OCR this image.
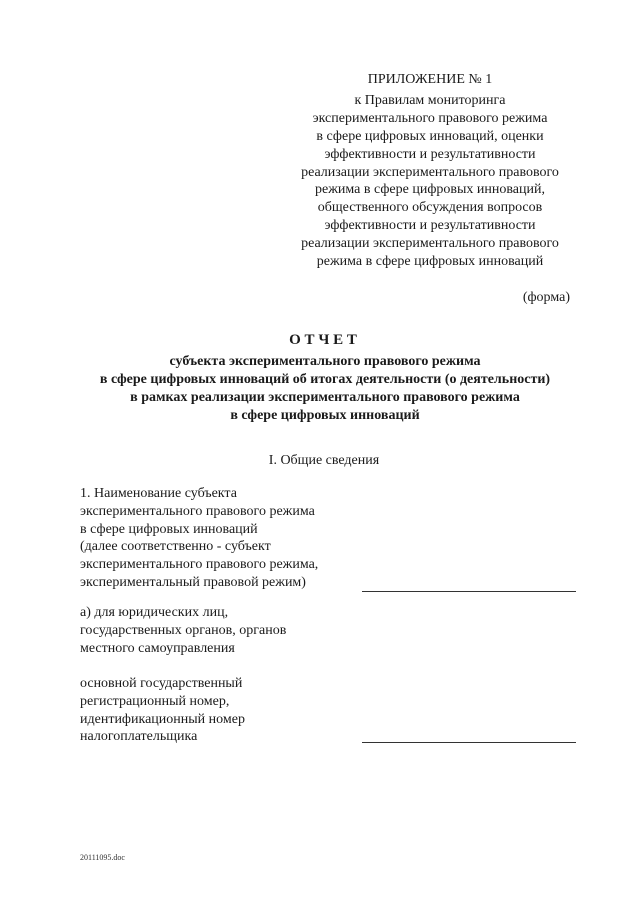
ПРИЛОЖЕНИЕ № 1
к Правилам мониторинга
экспериментального правового режима
в сфере цифровых инноваций, оценки
эффективности и результативности
реализации экспериментального правового
режима в сфере цифровых инноваций,
общественного обсуждения вопросов
эффективности и результативности
реализации экспериментального правового
режима в сфере цифровых инноваций
(форма)
О Т Ч Е Т
субъекта экспериментального правового режима
в сфере цифровых инноваций об итогах деятельности (о деятельности)
в рамках реализации экспериментального правового режима
в сфере цифровых инноваций
I. Общие сведения
1. Наименование субъекта
экспериментального правового режима
в сфере цифровых инноваций
(далее соответственно - субъект
экспериментального правового режима,
экспериментальный правовой режим)
а) для юридических лиц,
государственных органов, органов
местного самоуправления
основной государственный
регистрационный номер,
идентификационный номер
налогоплательщика
20111095.doc
